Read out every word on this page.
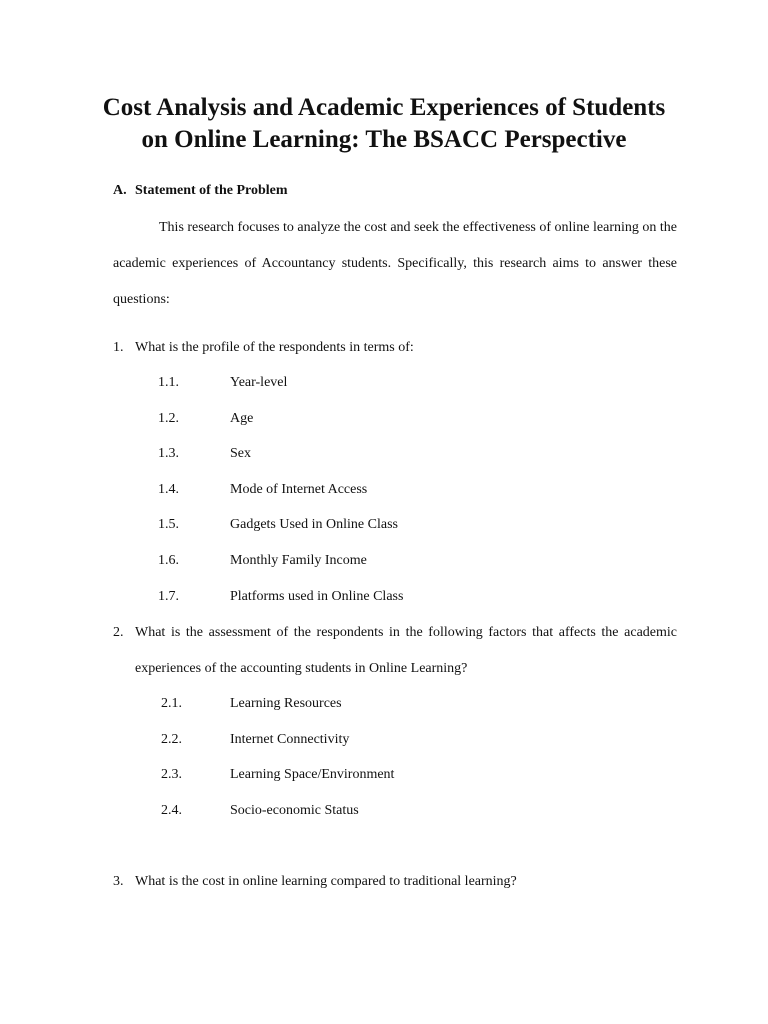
Cost Analysis and Academic Experiences of Students
on Online Learning: The BSACC Perspective
A. Statement of the Problem

This research focuses to analyze the cost and seek the effectiveness of online learning on the academic experiences of Accountancy students. Specifically, this research aims to answer these questions:

1. What is the profile of the respondents in terms of:
1.1.	Year-level
1.2.	Age
1.3.	Sex
1.4.	Mode of Internet Access
1.5.	Gadgets Used in Online Class
1.6.	Monthly Family Income
1.7.	Platforms used in Online Class
2. What is the assessment of the respondents in the following factors that affects the academic experiences of the accounting students in Online Learning?
2.1.	Learning Resources
2.2.	Internet Connectivity
2.3.	Learning Space/Environment
2.4.	Socio-economic Status
3. What is the cost in online learning compared to traditional learning?
